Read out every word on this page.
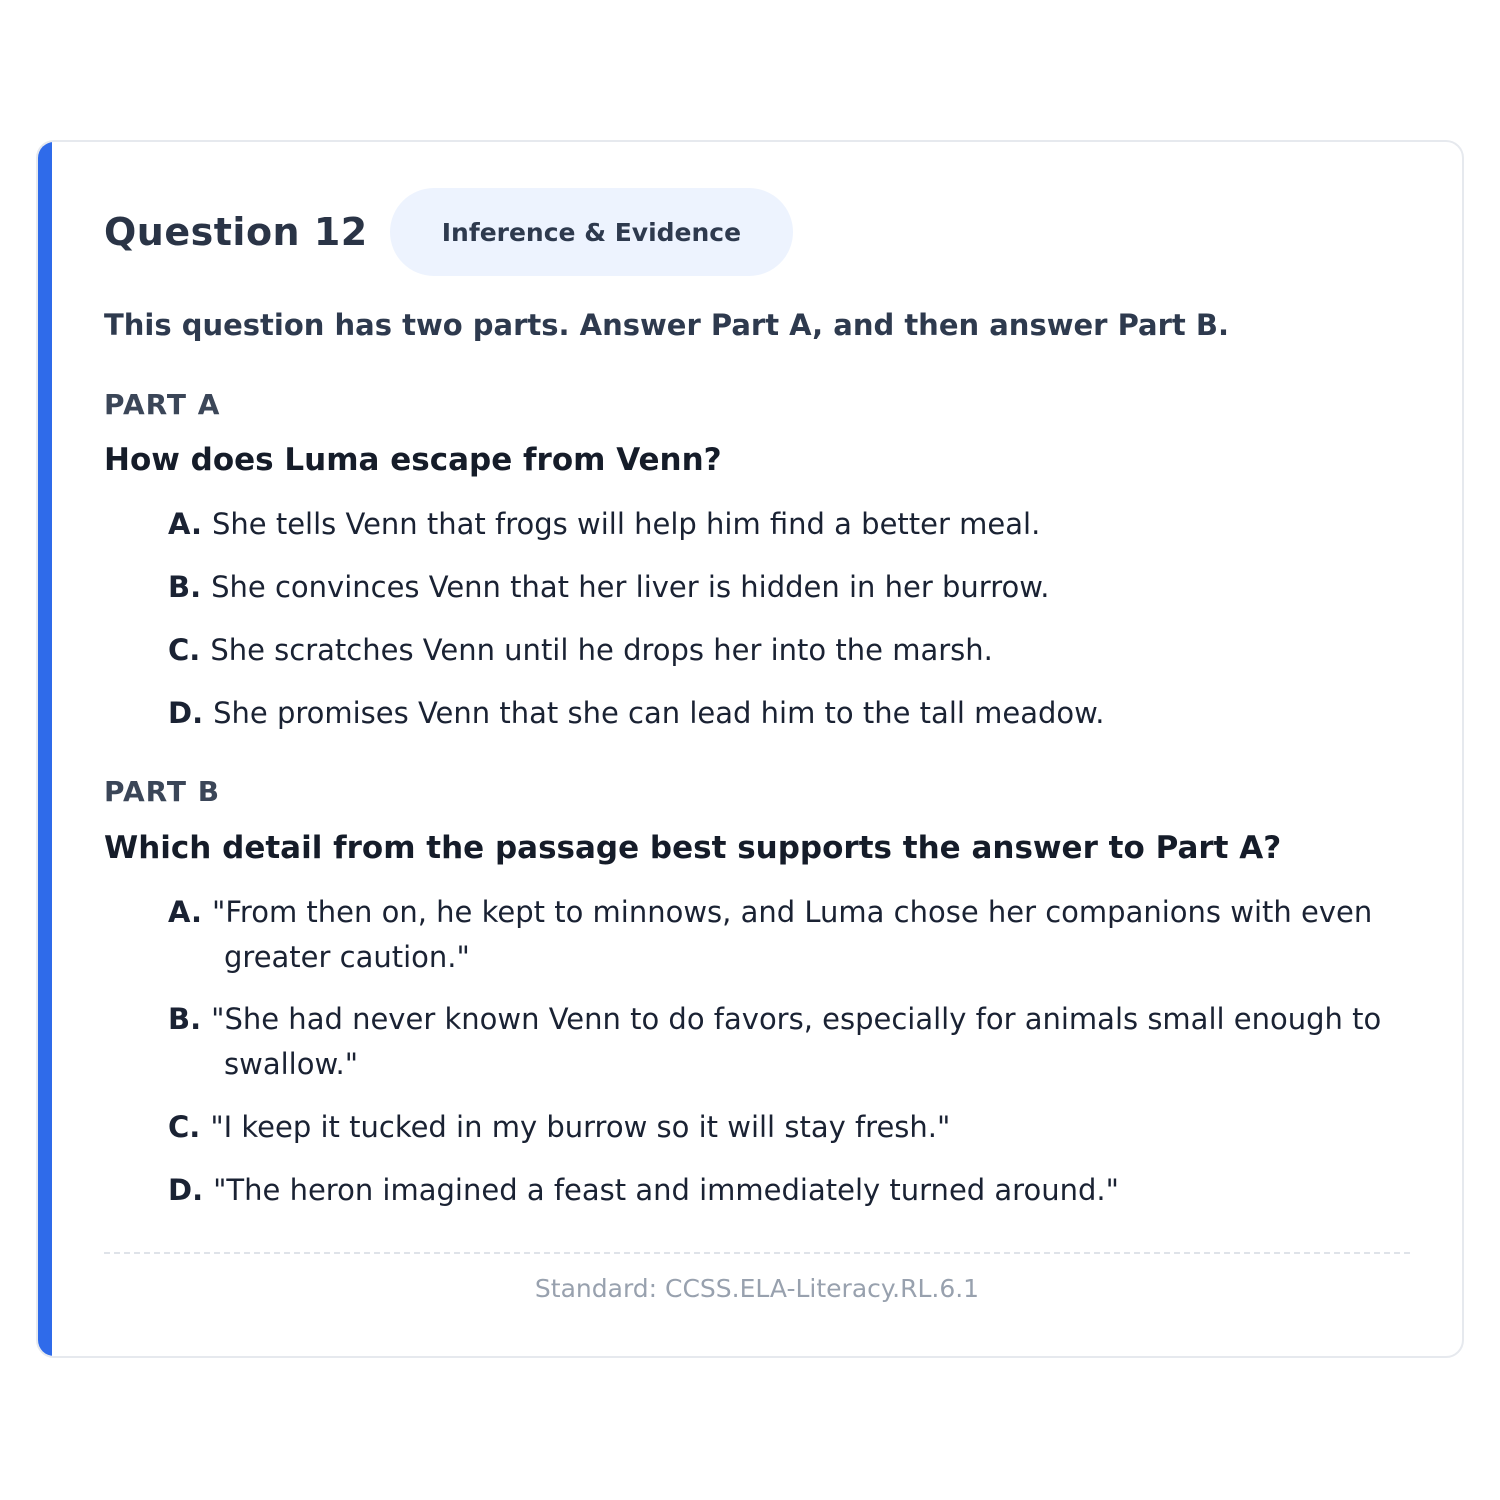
Question 12	Inference & Evidence
This question has two parts. Answer Part A, and then answer Part B.
PART A
How does Luma escape from Venn?
A. She tells Venn that frogs will help him find a better meal.
B. She convinces Venn that her liver is hidden in her burrow.
C. She scratches Venn until he drops her into the marsh.
D. She promises Venn that she can lead him to the tall meadow.
PART B
Which detail from the passage best supports the answer to Part A?
A. "From then on, he kept to minnows, and Luma chose her companions with even
greater caution."
B. "She had never known Venn to do favors, especially for animals small enough to
swallow."
C. "I keep it tucked in my burrow so it will stay fresh."
D. "The heron imagined a feast and immediately turned around."
Standard: CCSS.ELA-Literacy.RL.6.1
